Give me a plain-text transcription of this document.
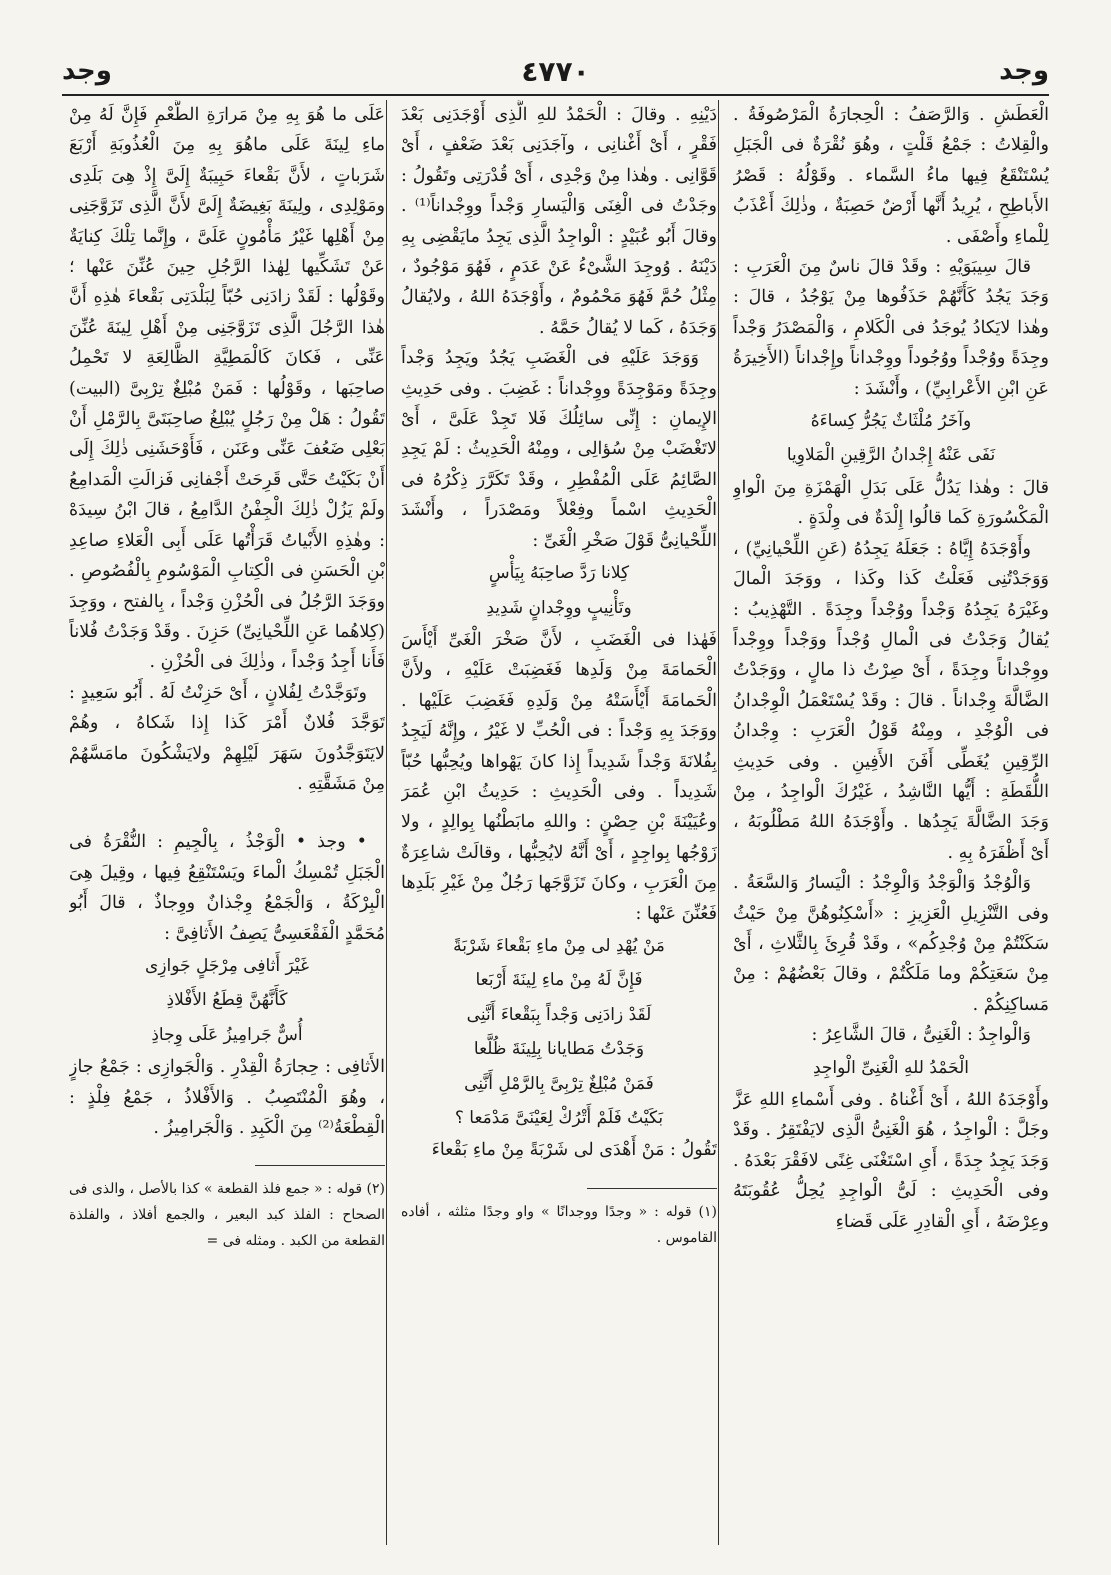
وجد
٤٧٧٠
وجد

الْعَطَشِ . وَالرَّصَفُ : الْحِجارَةُ الْمَرْصُوفَةُ . والْقِلاتُ : جَمْعُ قَلْتٍ ، وهُوَ نُقْرَةٌ فى الْجَبَلِ يُسْتَنْقَعُ فِيها ماءُ السَّماء . وقَوْلُهُ : قَصْرُ الأَباطِحِ ، يُرِيدُ أَنَّها أَرْضٌ حَصِبَةٌ ، وذٰلِكَ أَعْذَبُ لِلْماءِ وأَصْفَى .

قالَ سِيبَوَيْهِ : وقَدْ قالَ ناسٌ مِنَ الْعَرَبِ : وَجَدَ يَجُدُ كَأَنَّهُمْ حَذَفُوها مِنْ يَوْجُدُ ، قالَ : وهٰذا لايَكادُ يُوجَدُ فى الْكَلامِ ، وَالْمَصْدَرُ وَجْداً وجِدَةً ووُجْداً ووُجُوداً ووِجْداناً وإِجْداناً (الأَخِيرَةُ عَنِ ابْنِ الأَعْرابِيِّ) ، وأَنْشَدَ :

وآخَرُ مُلْثَاثٌ يَجُرُّ كِساءَهُ

نَفَى عَنْهُ إِجْدانُ الرَّقِينِ الْمَلاوِيا

قالَ : وهٰذا يَدُلُّ عَلَى بَدَلِ الْهَمْزَةِ مِنَ الْواوِ الْمَكْسُورَةِ كَما قالُوا إِلْدَةٌ فى وِلْدَةٍ .

وأَوْجَدَهُ إِيَّاهُ : جَعَلَهُ يَجِدُهُ (عَنِ اللِّحْيانِيِّ) ، وَوَجَدْتُنِى فَعَلْتُ كَذا وكَذا ، ووَجَدَ الْمالَ وغَيْرَهُ يَجِدُهُ وَجْداً ووُجْداً وجِدَةً . التَّهْذِيبُ : يُقالُ وَجَدْتُ فى الْمالِ وُجْداً ووَجْداً ووِجْداً ووِجْداناً وجِدَةً ، أَىْ صِرْتُ ذا مالٍ ، ووَجَدْتُ الضَّالَّةَ وِجْداناً . قالَ : وقَدْ يُسْتَعْمَلُ الْوِجْدانُ فى الْوُجْدِ ، ومِنْهُ قَوْلُ الْعَرَبِ : وِجْدانُ الرِّقِينِ يُغَطِّى أَفَنَ الأَفِينِ . وفى حَدِيثِ اللُّقَطَةِ : أَيُّها النَّاشِدُ ، غَيْرُكَ الْواجِدُ ، مِنْ وَجَدَ الضَّالَّةَ يَجِدُها . وأَوْجَدَهُ اللهُ مَطْلُوبَهُ ، أَىْ أَظْفَرَهُ بِهِ .

وَالْوُجْدُ وَالْوَجْدُ وَالْوِجْدُ : الْيَسارُ وَالسَّعَةُ . وفى التَّنْزِيلِ الْعَزِيزِ : «أَسْكِنُوهُنَّ مِنْ حَيْثُ سَكَنْتُمْ مِنْ وُجْدِكُم» ، وقَدْ قُرِئَ بِالثَّلاثِ ، أَىْ مِنْ سَعَتِكُمْ وما مَلَكْتُمْ ، وقالَ بَعْضُهُمْ : مِنْ مَساكِنِكُمْ .

وَالْواجِدُ : الْغَنِىُّ ، قالَ الشَّاعِرُ :

الْحَمْدُ للهِ الْغَنِىِّ الْواجِدِ

وأَوْجَدَهُ اللهُ ، أَىْ أَغْناهُ . وفى أَسْماءِ اللهِ عَزَّ وجَلَّ : الْواجِدُ ، هُوَ الْغَنِىُّ الَّذِى لايَفْتَقِرُ . وقَدْ وَجَدَ يَجِدُ جِدَةً ، أَىِ اسْتَغْنَى غِنًى لافَقْرَ بَعْدَهُ . وفى الْحَدِيثِ : لَىُّ الْواجِدِ يُحِلُّ عُقُوبَتَهُ وعِرْضَهُ ، أَىِ الْقادِرِ عَلَى قَضاءِ

دَيْنِهِ . وقالَ : الْحَمْدُ للهِ الَّذِى أَوْجَدَنِى بَعْدَ فَقْرٍ ، أَىْ أَغْنانِى ، وآجَدَنِى بَعْدَ ضَعْفٍ ، أَىْ قَوَّانِى . وهٰذا مِنْ وَجْدِى ، أَىْ قُدْرَتِى وتَقُولُ : وجَدْتُ فى الْغِنَى وَالْيَسارِ وَجْداً ووِجْداناً⁽¹⁾ . وقالَ أَبُو عُبَيْدٍ : الْواجِدُ الَّذِى يَجِدُ مايَقْضِى بِهِ دَيْنَهُ . وُوجِدَ الشَّىْءُ عَنْ عَدَمٍ ، فَهُوَ مَوْجُودٌ ، مِثْلُ حُمَّ فَهُوَ مَحْمُومٌ ، وأَوْجَدَهُ اللهُ ، ولايُقالُ وَجَدَهُ ، كَما لا يُقالُ حَمَّهُ .

وَوَجَدَ عَلَيْهِ فى الْغَضَبِ يَجُدُ ويَجِدُ وَجْداً وجِدَةً ومَوْجِدَةً ووِجْداناً : غَضِبَ . وفى حَدِيثِ الإِيمانِ : إِنِّى سائِلُكَ فَلا تَجِدْ عَلَىَّ ، أَىْ لاتَغْضَبْ مِنْ سُؤالِى ، ومِنْهُ الْحَدِيثُ : لَمْ يَجِدِ الصَّائِمُ عَلَى الْمُفْطِرِ ، وقَدْ تَكَرَّرَ ذِكْرُهُ فى الْحَدِيثِ اسْماً وفِعْلاً ومَصْدَراً ، وأَنْشَدَ اللِّحْيانِىُّ قَوْلَ صَخْرِ الْغَىِّ :

كِلانا رَدَّ صاحِبَهُ بِيَأْسٍ

وتَأْنِيبٍ ووِجْدانٍ شَدِيدِ

فَهٰذا فى الْغَضَبِ ، لأَنَّ صَخْرَ الْغَىِّ أَيْأَسَ الْحَمامَةَ مِنْ وَلَدِها فَغَضِبَتْ عَلَيْهِ ، ولأَنَّ الْحَمامَةَ أَيْأَسَتْهُ مِنْ وَلَدِهِ فَغَضِبَ عَلَيْها . ووَجَدَ بِهِ وَجْداً : فى الْحُبِّ لا غَيْرُ ، وإِنَّهُ لَيَجِدُ بِفُلانَةَ وَجْداً شَدِيداً إِذا كانَ يَهْواها ويُحِبُّها حُبّاً شَدِيداً . وفى الْحَدِيثِ : حَدِيثُ ابْنِ عُمَرَ وعُيَيْنَةَ بْنِ حِصْنٍ : واللهِ مابَطْنُها بِوالِدٍ ، ولا زَوْجُها بِواجِدٍ ، أَىْ أَنَّهُ لايُحِبُّها ، وقالَتْ شاعِرَةٌ مِنَ الْعَرَبِ ، وكانَ تَزَوَّجَها رَجُلٌ مِنْ غَيْرِ بَلَدِها فَعُنِّنَ عَنْها :

مَنْ يُهْدِ لى مِنْ ماءِ بَقْعاءَ شَرْبَةً

فَإِنَّ لَهُ مِنْ ماءِ لِينَةَ أَرْبَعا

لَقَدْ زادَنِى وَجْداً بِبَقْعاءَ أَنَّنِى

وَجَدْتُ مَطايانا بِلِينَةَ ظُلَّعا

فَمَنْ مُبْلِغٌ تِرْبِىَّ بِالرَّمْلِ أَنَّنِى

بَكَيْتُ فَلَمْ أَتْرُكْ لِعَيْنَىَّ مَدْمَعا ؟

تَقُولُ : مَنْ أَهْدَى لى شَرْبَةً مِنْ ماءِ بَقْعاءَ

(١) قوله : « وجدًا ووجدانًا » واو وجدًا مثلثه ، أفاده القاموس .

عَلَى ما هُوَ بِهِ مِنْ مَرارَةِ الطَّعْمِ فَإِنَّ لَهُ مِنْ ماءِ لِينَةَ عَلَى ماهُوَ بِهِ مِنَ الْعُذُوبَةِ أَرْبَعَ شَرَباتٍ ، لأَنَّ بَقْعاءَ حَبِيبَةٌ إِلَىَّ إِذْ هِىَ بَلَدِى ومَوْلِدِى ، ولِينَةَ بَغِيضَةٌ إِلَىَّ لأَنَّ الَّذِى تَزَوَّجَنِى مِنْ أَهْلِها غَيْرُ مَأْمُونٍ عَلَىَّ ، وإِنَّما تِلْكَ كِنايَةٌ عَنْ تَشَكِّيها لِهٰذا الرَّجُلِ حِينَ عُنِّنَ عَنْها ؛ وقَوْلُها : لَقَدْ زادَنِى حُبّاً لِبَلْدَتِى بَقْعاءَ هٰذِهِ أَنَّ هٰذا الرَّجُلَ الَّذِى تَزَوَّجَنِى مِنْ أَهْلِ لِينَةَ عُنِّنَ عَنِّى ، فَكانَ كَالْمَطِيَّةِ الظَّالِعَةِ لا تَحْمِلُ صاحِبَها ، وقَوْلُها : فَمَنْ مُبْلِغٌ تِرْبِىَّ (البيت) تَقُولُ : هَلْ مِنْ رَجُلٍ يُبْلِغُ صاحِبَتَىَّ بِالرَّمْلِ أَنْ بَعْلِى ضَعُفَ عَنِّى وعَنَن ، فَأَوْحَشَنِى ذٰلِكَ إِلَى أَنْ بَكَيْتُ حَتَّى قَرِحَتْ أَجْفانِى فَزالَتِ الْمَدامِعُ ولَمْ يَزُلْ ذٰلِكَ الْجِفْنُ الدَّامِعُ ، قالَ ابْنُ سِيدَهْ : وهٰذِهِ الأَبْياتُ قَرَأْتُها عَلَى أَبِى الْعَلاءِ صاعِدِ بْنِ الْحَسَنِ فى الْكِتابِ الْمَوْسُومِ بِالْفُصُوصِ . ووَجَدَ الرَّجُلُ فى الْحُزْنِ وَجْداً ، بِالفتح ، ووَجِدَ (كِلاهُما عَنِ اللِّحْيانِىِّ) حَزِنَ . وقَدْ وَجَدْتُ فُلاناً فَأَنا أَجِدُ وَجْداً ، وذٰلِكَ فى الْحُزْنِ .

وتَوَجَّدْتُ لِفُلانٍ ، أَىْ حَزِنْتُ لَهُ . أَبُو سَعِيدٍ : تَوَجَّدَ فُلانٌ أَمْرَ كَذا إِذا شَكاهُ ، وهُمْ لايَتَوَجَّدُونَ سَهَرَ لَيْلِهِمْ ولايَشْكُونَ مامَسَّهُمْ مِنْ مَشَقَّتِهِ .

• وجذ • الْوَجْذُ ، بِالْجِيمِ : النُّقْرَةُ فى الْجَبَلِ تُمْسِكُ الْماءَ ويَسْتَنْقِعُ فِيها ، وقِيلَ هِىَ الْبِرْكَةُ ، وَالْجَمْعُ وِجْذانٌ ووِجاذٌ ، قالَ أَبُو مُحَمَّدٍ الْفَقْعَسِىُّ يَصِفُ الأَثافِىَّ :

غَيْرَ أَثافِى مِرْجَلٍ جَوازِى

كَأَنَّهُنَّ قِطَعُ الأَفْلاذِ

أُسٌّ جَرامِيزُ عَلَى وِجاذِ

الأَثافِى : حِجارَةُ الْقِدْرِ . وَالْجَوازِى : جَمْعُ جازٍ ، وهُوَ الْمُنْتَصِبُ . وَالأَفْلاذُ ، جَمْعُ فِلْذٍ : الْقِطْعَةُ⁽²⁾ مِنَ الْكَبِدِ . وَالْجَرامِيزُ .

(٢) قوله : « جمع فلذ القطعة » كذا بالأصل ، والذى فى الصحاح : الفلذ كبد البعير ، والجمع أفلاذ ، والفلذة القطعة من الكبد . ومثله فى =
